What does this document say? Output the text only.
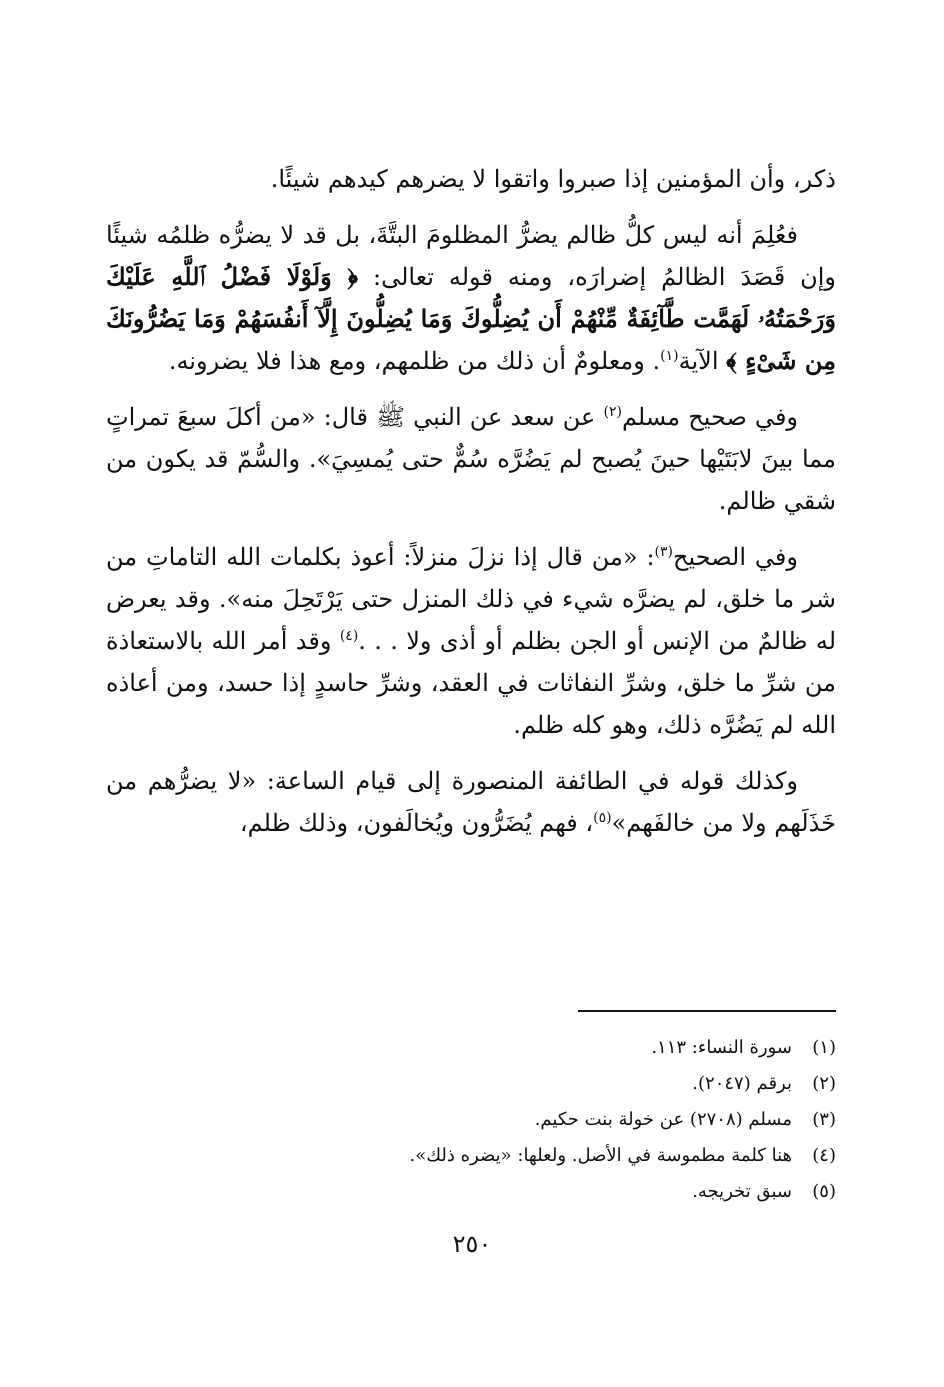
ذكر، وأن المؤمنين إذا صبروا واتقوا لا يضرهم كيدهم شيئًا.

فعُلِمَ أنه ليس كلُّ ظالم يضرُّ المظلومَ البتَّةَ، بل قد لا يضرُّه ظلمُه شيئًا وإن قَصَدَ الظالمُ إضرارَه، ومنه قوله تعالى: ﴿ وَلَوْلَا فَضْلُ ٱللَّهِ عَلَيْكَ وَرَحْمَتُهُۥ لَهَمَّت طَّآئِفَةٌ مِّنْهُمْ أَن يُضِلُّوكَ وَمَا يُضِلُّونَ إِلَّآ أَنفُسَهُمْ وَمَا يَضُرُّونَكَ مِن شَىْءٍ ﴾ الآية$^{(١)}$. ومعلومٌ أن ذلك من ظلمهم، ومع هذا فلا يضرونه.

وفي صحيح مسلم$^{(٢)}$ عن سعد عن النبي ﷺ قال: «من أكلَ سبعَ تمراتٍ مما بينَ لابَتَيْها حينَ يُصبح لم يَضُرَّه سُمٌّ حتى يُمسِيَ». والسُّمّ قد يكون من شقي ظالم.

وفي الصحيح$^{(٣)}$: «من قال إذا نزلَ منزلاً: أعوذ بكلمات الله التاماتِ من شر ما خلق، لم يضرَّه شيء في ذلك المنزل حتى يَرْتَحِلَ منه». وقد يعرض له ظالمٌ من الإنس أو الجن بظلم أو أذى ولا . . .$^{(٤)}$ وقد أمر الله بالاستعاذة من شرِّ ما خلق، وشرِّ النفاثات في العقد، وشرِّ حاسدٍ إذا حسد، ومن أعاذه الله لم يَضُرَّه ذلك، وهو كله ظلم.

وكذلك قوله في الطائفة المنصورة إلى قيام الساعة: «لا يضرُّهم من خَذَلَهم ولا من خالفَهم»$^{(٥)}$، فهم يُضَرُّون ويُخالَفون، وذلك ظلم،

(١)
سورة النساء: ١١٣.
(٢)
برقم (٢٠٤٧).
(٣)
مسلم (٢٧٠٨) عن خولة بنت حكيم.
(٤)
هنا كلمة مطموسة في الأصل. ولعلها: «يضره ذلك».
(٥)
سبق تخريجه.
٢٥٠
